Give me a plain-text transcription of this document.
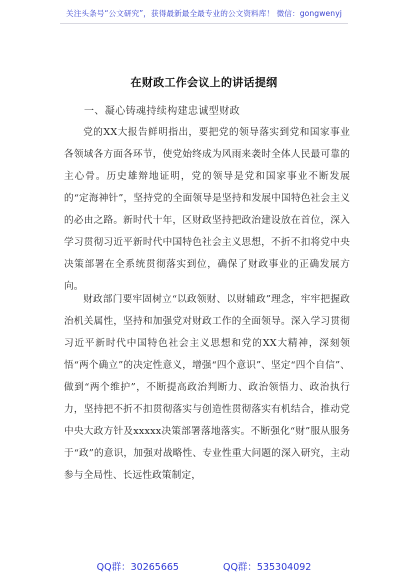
关注头条号“公文研究”，获得最新最全最专业的公文资料库！ 微信：gongwenyj
在财政工作会议上的讲话提纲
一、凝心铸魂持续构建忠诚型财政
党的XX大报告鲜明指出，要把党的领导落实到党和国家事业各领域各方面各环节，使党始终成为风雨来袭时全体人民最可靠的主心骨。历史雄辩地证明，党的领导是党和国家事业不断发展的“定海神针”，坚持党的全面领导是坚持和发展中国特色社会主义的必由之路。新时代十年，区财政坚持把政治建设放在首位，深入学习贯彻习近平新时代中国特色社会主义思想，不折不扣将党中央决策部署在全系统贯彻落实到位，确保了财政事业的正确发展方向。
财政部门要牢固树立“以政领财、以财辅政”理念，牢牢把握政治机关属性，坚持和加强党对财政工作的全面领导。深入学习贯彻习近平新时代中国特色社会主义思想和党的XX大精神，深刻领悟“两个确立”的决定性意义，增强“四个意识”、坚定“四个自信”、做到“两个维护”，不断提高政治判断力、政治领悟力、政治执行力，坚持把不折不扣贯彻落实与创造性贯彻落实有机结合，推动党中央大政方针及xxxxx决策部署落地落实。不断强化“财”服从服务于“政”的意识，加强对战略性、专业性重大问题的深入研究，主动参与全局性、长远性政策制定，
QQ群：30265665	QQ群：535304092
